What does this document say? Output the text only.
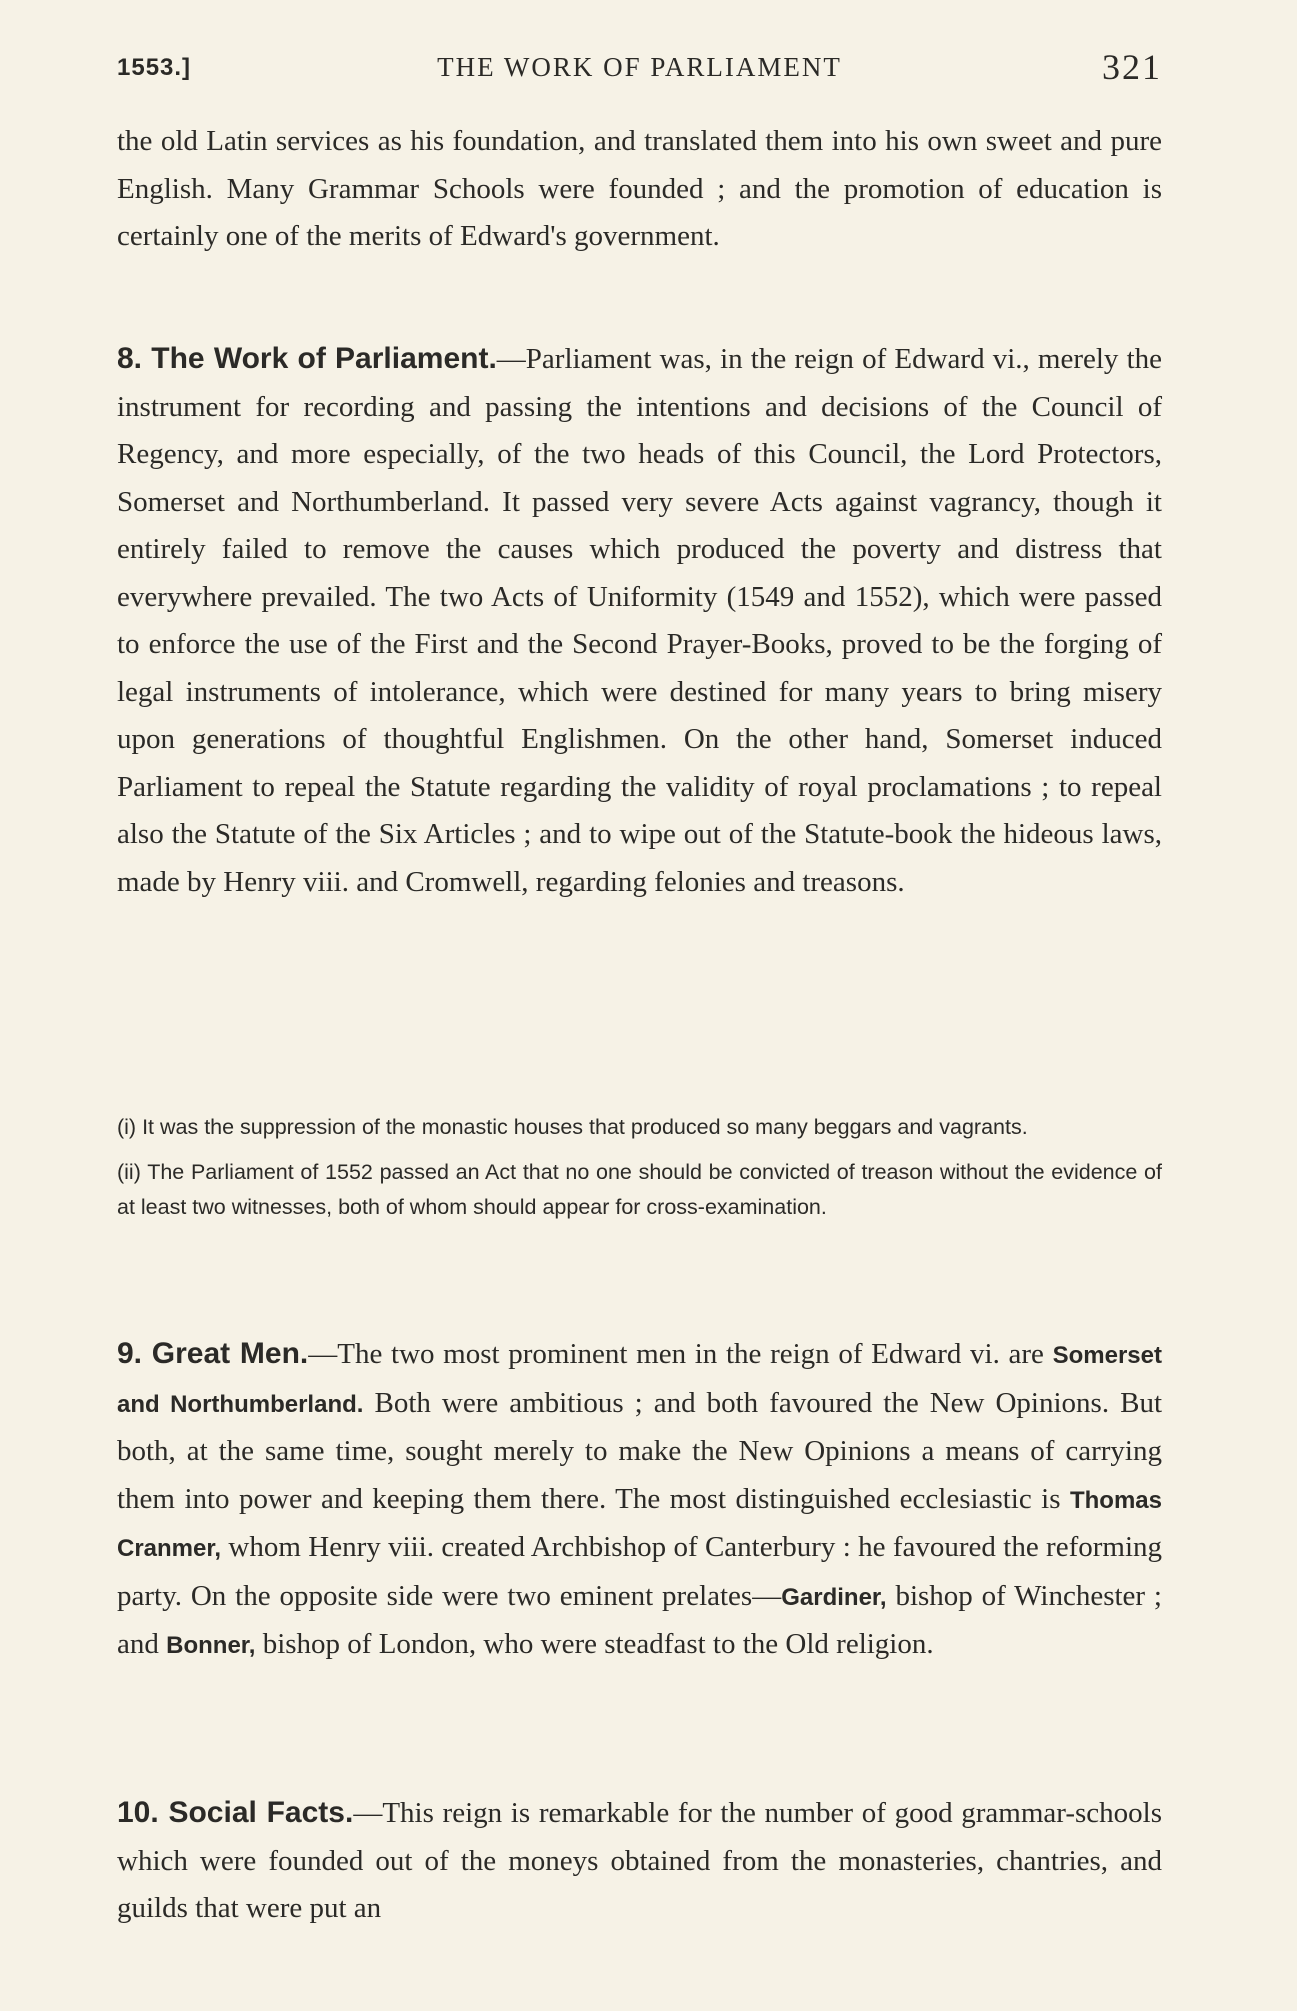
1553.]	THE WORK OF PARLIAMENT	321

the old Latin services as his foundation, and translated them into his own sweet and pure English. Many Grammar Schools were founded ; and the promotion of education is certainly one of the merits of Edward's government.

8. The Work of Parliament.—Parliament was, in the reign of Edward vi., merely the instrument for recording and passing the intentions and decisions of the Council of Regency, and more especially, of the two heads of this Council, the Lord Protectors, Somerset and Northumberland. It passed very severe Acts against vagrancy, though it entirely failed to remove the causes which produced the poverty and distress that everywhere prevailed. The two Acts of Uniformity (1549 and 1552), which were passed to enforce the use of the First and the Second Prayer-Books, proved to be the forging of legal instruments of intolerance, which were destined for many years to bring misery upon generations of thoughtful Englishmen. On the other hand, Somerset induced Parliament to repeal the Statute regarding the validity of royal proclamations ; to repeal also the Statute of the Six Articles ; and to wipe out of the Statute-book the hideous laws, made by Henry viii. and Cromwell, regarding felonies and treasons.

(i) It was the suppression of the monastic houses that produced so many beggars and vagrants.

(ii) The Parliament of 1552 passed an Act that no one should be convicted of treason without the evidence of at least two witnesses, both of whom should appear for cross-examination.

9. Great Men.—The two most prominent men in the reign of Edward vi. are Somerset and Northumberland. Both were ambitious ; and both favoured the New Opinions. But both, at the same time, sought merely to make the New Opinions a means of carrying them into power and keeping them there. The most distinguished ecclesiastic is Thomas Cranmer, whom Henry viii. created Archbishop of Canterbury : he favoured the reforming party. On the opposite side were two eminent prelates—Gardiner, bishop of Winchester ; and Bonner, bishop of London, who were steadfast to the Old religion.

10. Social Facts.—This reign is remarkable for the number of good grammar-schools which were founded out of the moneys obtained from the monasteries, chantries, and guilds that were put an
